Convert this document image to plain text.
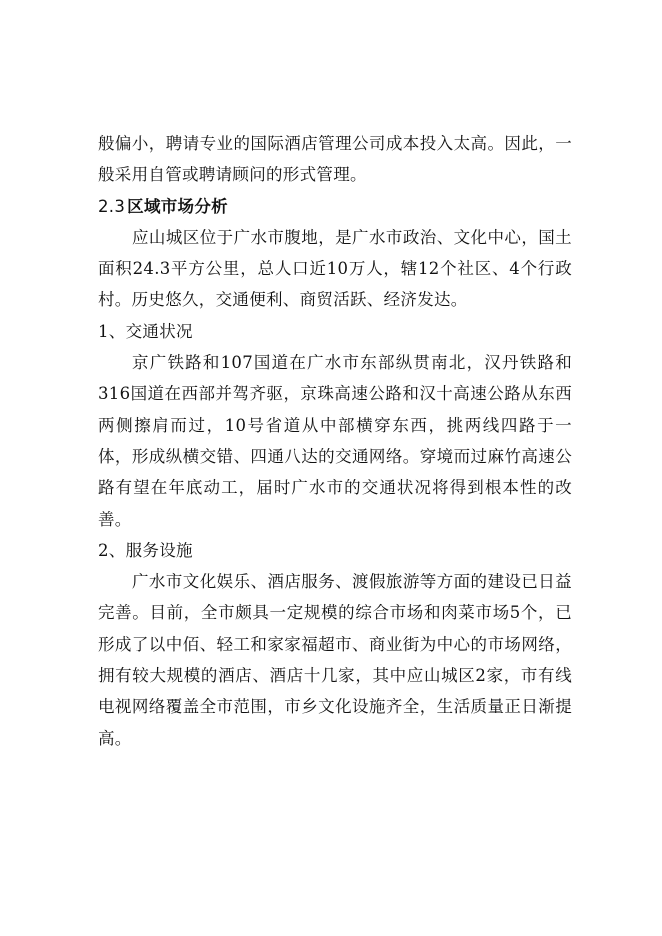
般偏小，聘请专业的国际酒店管理公司成本投入太高。因此，一般采用自管或聘请顾问的形式管理。

2.3 区域市场分析

应山城区位于广水市腹地，是广水市政治、文化中心，国土面积24.3平方公里，总人口近10万人，辖12个社区、4个行政村。历史悠久，交通便利、商贸活跃、经济发达。

1、交通状况

京广铁路和107国道在广水市东部纵贯南北，汉丹铁路和316国道在西部并驾齐驱，京珠高速公路和汉十高速公路从东西两侧擦肩而过，10号省道从中部横穿东西，挑两线四路于一体，形成纵横交错、四通八达的交通网络。穿境而过麻竹高速公路有望在年底动工，届时广水市的交通状况将得到根本性的改善。

2、服务设施

广水市文化娱乐、酒店服务、渡假旅游等方面的建设已日益完善。目前，全市颇具一定规模的综合市场和肉菜市场5个，已形成了以中佰、轻工和家家福超市、商业街为中心的市场网络，拥有较大规模的酒店、酒店十几家，其中应山城区2家，市有线电视网络覆盖全市范围，市乡文化设施齐全，生活质量正日渐提高。
